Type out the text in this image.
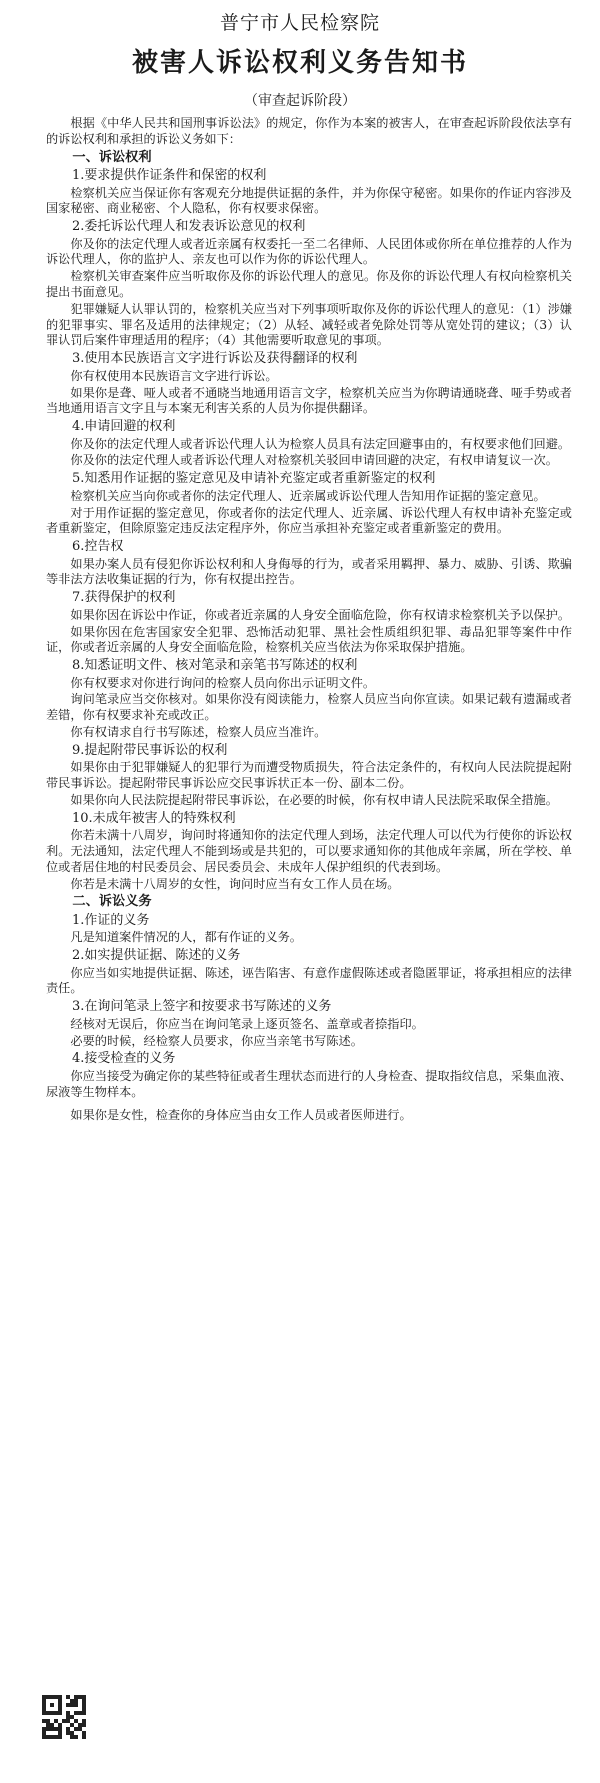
普宁市人民检察院

被害人诉讼权利义务告知书

（审查起诉阶段）

根据《中华人民共和国刑事诉讼法》的规定，你作为本案的被害人，在审查起诉阶段依法享有的诉讼权利和承担的诉讼义务如下：

一、诉讼权利

1.要求提供作证条件和保密的权利

检察机关应当保证你有客观充分地提供证据的条件，并为你保守秘密。如果你的作证内容涉及国家秘密、商业秘密、个人隐私，你有权要求保密。

2.委托诉讼代理人和发表诉讼意见的权利

你及你的法定代理人或者近亲属有权委托一至二名律师、人民团体或你所在单位推荐的人作为诉讼代理人，你的监护人、亲友也可以作为你的诉讼代理人。

检察机关审查案件应当听取你及你的诉讼代理人的意见。你及你的诉讼代理人有权向检察机关提出书面意见。

犯罪嫌疑人认罪认罚的，检察机关应当对下列事项听取你及你的诉讼代理人的意见：（1）涉嫌的犯罪事实、罪名及适用的法律规定；（2）从轻、减轻或者免除处罚等从宽处罚的建议；（3）认罪认罚后案件审理适用的程序；（4）其他需要听取意见的事项。

3.使用本民族语言文字进行诉讼及获得翻译的权利

你有权使用本民族语言文字进行诉讼。

如果你是聋、哑人或者不通晓当地通用语言文字，检察机关应当为你聘请通晓聋、哑手势或者当地通用语言文字且与本案无利害关系的人员为你提供翻译。

4.申请回避的权利

你及你的法定代理人或者诉讼代理人认为检察人员具有法定回避事由的，有权要求他们回避。

你及你的法定代理人或者诉讼代理人对检察机关驳回申请回避的决定，有权申请复议一次。

5.知悉用作证据的鉴定意见及申请补充鉴定或者重新鉴定的权利

检察机关应当向你或者你的法定代理人、近亲属或诉讼代理人告知用作证据的鉴定意见。

对于用作证据的鉴定意见，你或者你的法定代理人、近亲属、诉讼代理人有权申请补充鉴定或者重新鉴定，但除原鉴定违反法定程序外，你应当承担补充鉴定或者重新鉴定的费用。

6.控告权

如果办案人员有侵犯你诉讼权利和人身侮辱的行为，或者采用羁押、暴力、威胁、引诱、欺骗等非法方法收集证据的行为，你有权提出控告。

7.获得保护的权利

如果你因在诉讼中作证，你或者近亲属的人身安全面临危险，你有权请求检察机关予以保护。

如果你因在危害国家安全犯罪、恐怖活动犯罪、黑社会性质组织犯罪、毒品犯罪等案件中作证，你或者近亲属的人身安全面临危险，检察机关应当依法为你采取保护措施。

8.知悉证明文件、核对笔录和亲笔书写陈述的权利

你有权要求对你进行询问的检察人员向你出示证明文件。

询问笔录应当交你核对。如果你没有阅读能力，检察人员应当向你宣读。如果记载有遗漏或者差错，你有权要求补充或改正。

你有权请求自行书写陈述，检察人员应当准许。

9.提起附带民事诉讼的权利

如果你由于犯罪嫌疑人的犯罪行为而遭受物质损失，符合法定条件的，有权向人民法院提起附带民事诉讼。提起附带民事诉讼应交民事诉状正本一份、副本二份。

如果你向人民法院提起附带民事诉讼，在必要的时候，你有权申请人民法院采取保全措施。

10.未成年被害人的特殊权利

你若未满十八周岁，询问时将通知你的法定代理人到场，法定代理人可以代为行使你的诉讼权利。无法通知，法定代理人不能到场或是共犯的，可以要求通知你的其他成年亲属，所在学校、单位或者居住地的村民委员会、居民委员会、未成年人保护组织的代表到场。

你若是未满十八周岁的女性，询问时应当有女工作人员在场。

二、诉讼义务

1.作证的义务

凡是知道案件情况的人，都有作证的义务。

2.如实提供证据、陈述的义务

你应当如实地提供证据、陈述，诬告陷害、有意作虚假陈述或者隐匿罪证，将承担相应的法律责任。

3.在询问笔录上签字和按要求书写陈述的义务

经核对无误后，你应当在询问笔录上逐页签名、盖章或者捺指印。

必要的时候，经检察人员要求，你应当亲笔书写陈述。

4.接受检查的义务

你应当接受为确定你的某些特征或者生理状态而进行的人身检查、提取指纹信息，采集血液、尿液等生物样本。

如果你是女性，检查你的身体应当由女工作人员或者医师进行。
